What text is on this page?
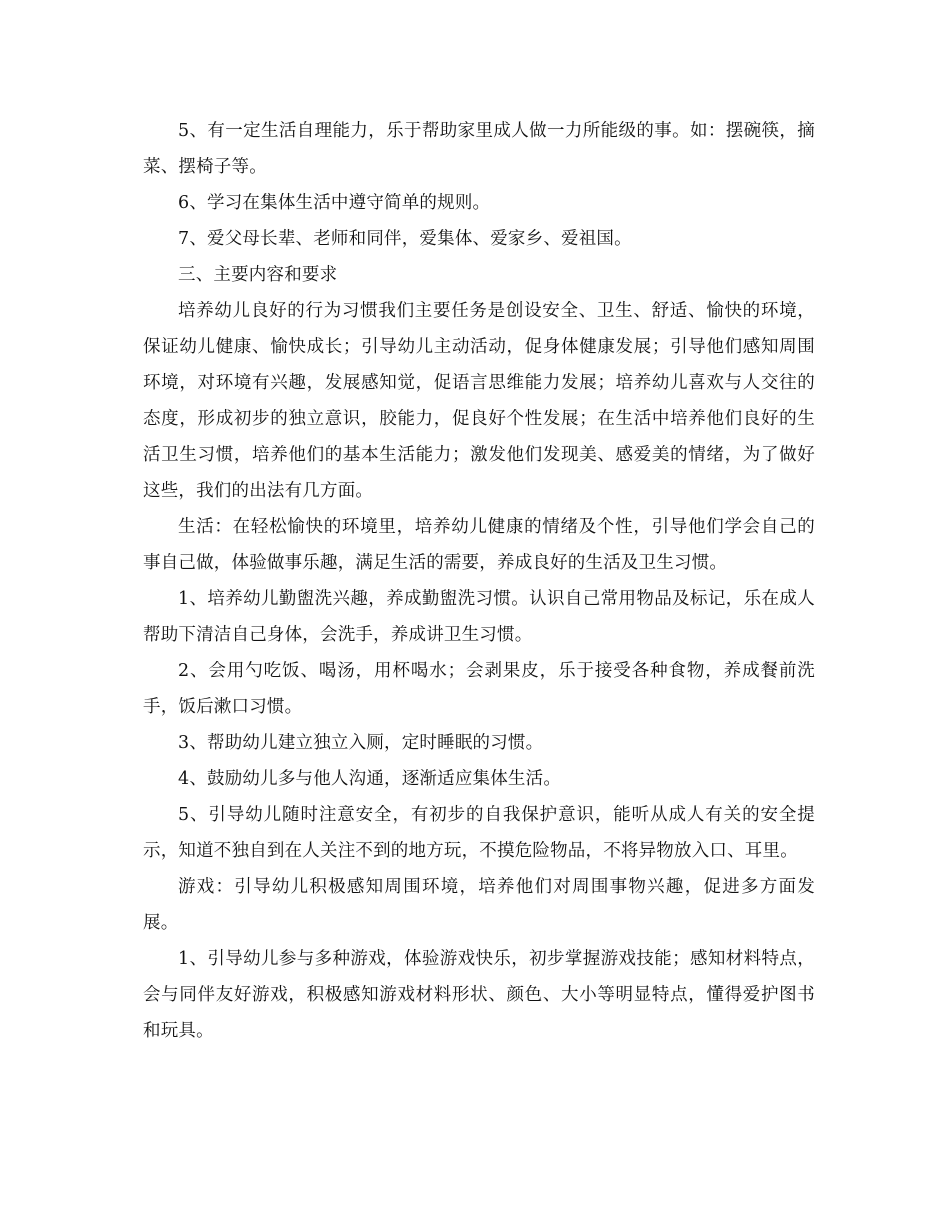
5、有一定生活自理能力，乐于帮助家里成人做一力所能级的事。如：摆碗筷，摘菜、摆椅子等。

6、学习在集体生活中遵守简单的规则。

7、爱父母长辈、老师和同伴，爱集体、爱家乡、爱祖国。

三、主要内容和要求

培养幼儿良好的行为习惯我们主要任务是创设安全、卫生、舒适、愉快的环境，保证幼儿健康、愉快成长；引导幼儿主动活动，促身体健康发展；引导他们感知周围环境，对环境有兴趣，发展感知觉，促语言思维能力发展；培养幼儿喜欢与人交往的态度，形成初步的独立意识，胶能力，促良好个性发展；在生活中培养他们良好的生活卫生习惯，培养他们的基本生活能力；激发他们发现美、感爱美的情绪，为了做好这些，我们的出法有几方面。

生活：在轻松愉快的环境里，培养幼儿健康的情绪及个性，引导他们学会自己的事自己做，体验做事乐趣，满足生活的需要，养成良好的生活及卫生习惯。

1、培养幼儿勤盥洗兴趣，养成勤盥洗习惯。认识自己常用物品及标记，乐在成人帮助下清洁自己身体，会洗手，养成讲卫生习惯。

2、会用勺吃饭、喝汤，用杯喝水；会剥果皮，乐于接受各种食物，养成餐前洗手，饭后漱口习惯。

3、帮助幼儿建立独立入厕，定时睡眠的习惯。

4、鼓励幼儿多与他人沟通，逐渐适应集体生活。

5、引导幼儿随时注意安全，有初步的自我保护意识，能听从成人有关的安全提示，知道不独自到在人关注不到的地方玩，不摸危险物品，不将异物放入口、耳里。

游戏：引导幼儿积极感知周围环境，培养他们对周围事物兴趣，促进多方面发展。

1、引导幼儿参与多种游戏，体验游戏快乐，初步掌握游戏技能；感知材料特点，会与同伴友好游戏，积极感知游戏材料形状、颜色、大小等明显特点，懂得爱护图书和玩具。
